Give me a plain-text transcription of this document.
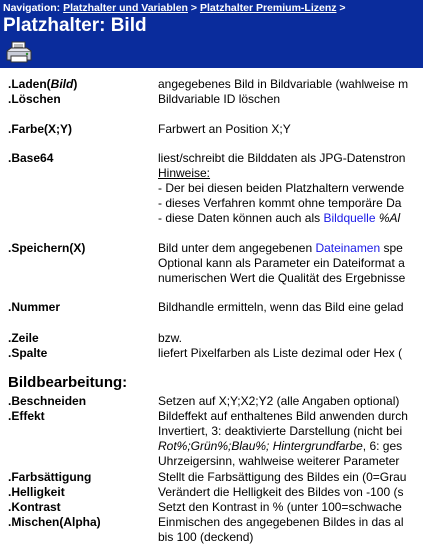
Navigation: Platzhalter und Variablen > Platzhalter Premium-Lizenz >
Platzhalter: Bild
.Laden(Bild)	angegebenes Bild in Bildvariable (wahlweise m
.Löschen	Bildvariable ID löschen
.Farbe(X;Y)	Farbwert an Position X;Y
.Base64	liest/schreibt die Bilddaten als JPG-Datenstron
Hinweise:
- Der bei diesen beiden Platzhaltern verwende
- dieses Verfahren kommt ohne temporäre Da
- diese Daten können auch als Bildquelle %Al
.Speichern(X)	Bild unter dem angegebenen Dateinamen spe
Optional kann als Parameter ein Dateiformat a
numerischen Wert die Qualität des Ergebnisse
.Nummer	Bildhandle ermitteln, wenn das Bild eine gelad
.Zeile	bzw.
.Spalte	liefert Pixelfarben als Liste dezimal oder Hex (
Bildbearbeitung:
.Beschneiden	Setzen auf X;Y;X2;Y2 (alle Angaben optional)
.Effekt	Bildeffekt auf enthaltenes Bild anwenden durch
Invertiert, 3: deaktivierte Darstellung (nicht bei
Rot%;Grün%;Blau%; Hintergrundfarbe, 6: ges
Uhrzeigersinn, wahlweise weiterer Parameter
.Farbsättigung	Stellt die Farbsättigung des Bildes ein (0=Grau
.Helligkeit	Verändert die Helligkeit des Bildes von -100 (s
.Kontrast	Setzt den Kontrast in % (unter 100=schwache
.Mischen(Alpha)	Einmischen des angegebenen Bildes in das al
bis 100 (deckend)
